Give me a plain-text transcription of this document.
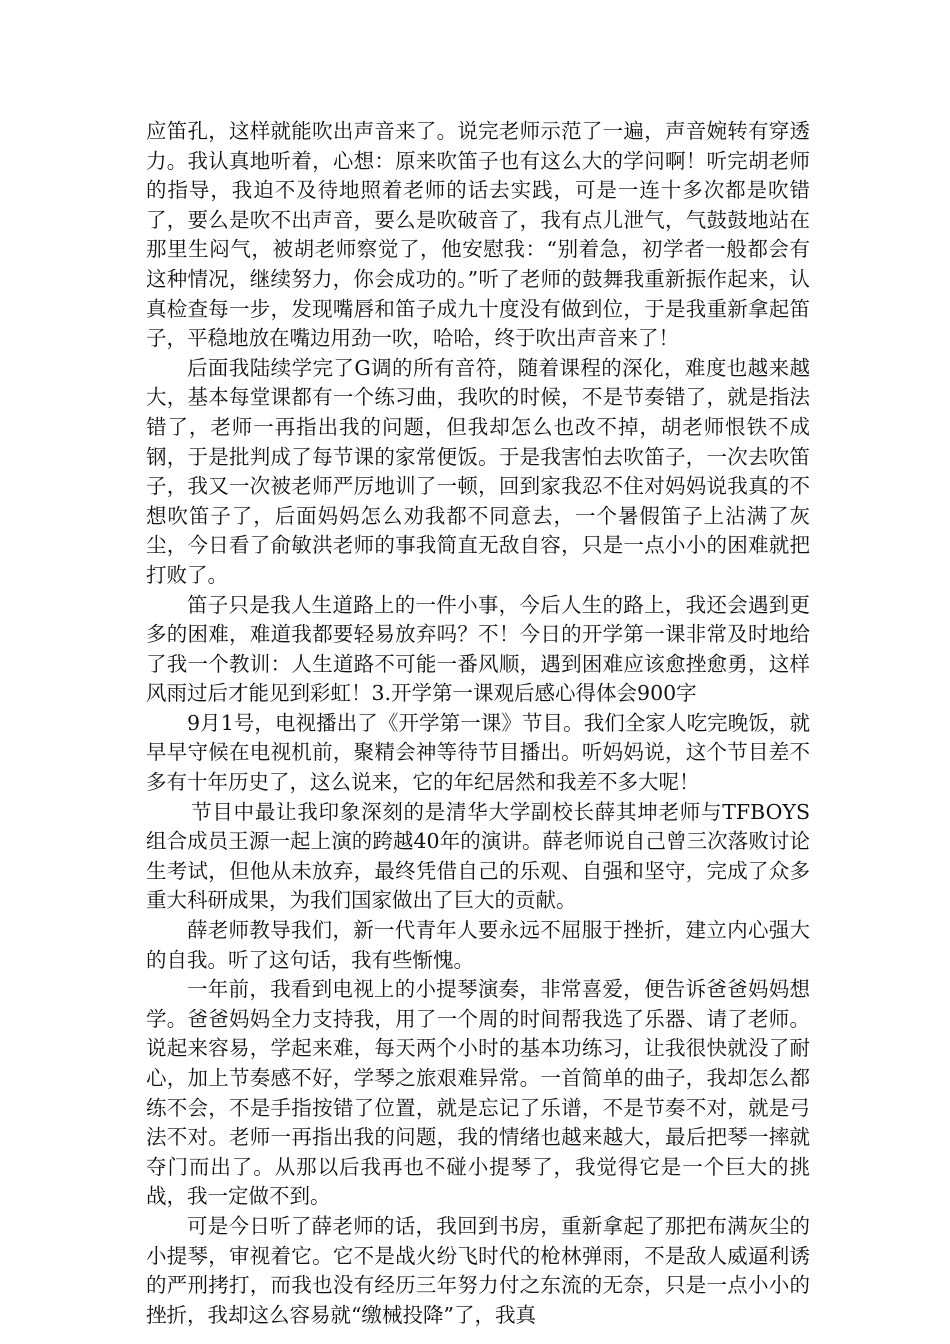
应笛孔，这样就能吹出声音来了。说完老师示范了一遍，声音婉转有穿透力。我认真地听着，心想：原来吹笛子也有这么大的学问啊！听完胡老师的指导，我迫不及待地照着老师的话去实践，可是一连十多次都是吹错了，要么是吹不出声音，要么是吹破音了，我有点儿泄气，气鼓鼓地站在那里生闷气，被胡老师察觉了，他安慰我：“别着急，初学者一般都会有这种情况，继续努力，你会成功的。”听了老师的鼓舞我重新振作起来，认真检查每一步，发现嘴唇和笛子成九十度没有做到位，于是我重新拿起笛子，平稳地放在嘴边用劲一吹，哈哈，终于吹出声音来了！

后面我陆续学完了G调的所有音符，随着课程的深化，难度也越来越大，基本每堂课都有一个练习曲，我吹的时候，不是节奏错了，就是指法错了，老师一再指出我的问题，但我却怎么也改不掉，胡老师恨铁不成钢，于是批判成了每节课的家常便饭。于是我害怕去吹笛子，一次去吹笛子，我又一次被老师严厉地训了一顿，回到家我忍不住对妈妈说我真的不想吹笛子了，后面妈妈怎么劝我都不同意去，一个暑假笛子上沾满了灰尘，今日看了俞敏洪老师的事我简直无敌自容，只是一点小小的困难就把打败了。

笛子只是我人生道路上的一件小事，今后人生的路上，我还会遇到更多的困难，难道我都要轻易放弃吗？不！今日的开学第一课非常及时地给了我一个教训：人生道路不可能一番风顺，遇到困难应该愈挫愈勇，这样风雨过后才能见到彩虹！3.开学第一课观后感心得体会900字

9月1号，电视播出了《开学第一课》节目。我们全家人吃完晚饭，就早早守候在电视机前，聚精会神等待节目播出。听妈妈说，这个节目差不多有十年历史了，这么说来，它的年纪居然和我差不多大呢！

节目中最让我印象深刻的是清华大学副校长薛其坤老师与TFBOYS组合成员王源一起上演的跨越40年的演讲。薛老师说自己曾三次落败讨论生考试，但他从未放弃，最终凭借自己的乐观、自强和坚守，完成了众多重大科研成果，为我们国家做出了巨大的贡献。

薛老师教导我们，新一代青年人要永远不屈服于挫折，建立内心强大的自我。听了这句话，我有些惭愧。

一年前，我看到电视上的小提琴演奏，非常喜爱，便告诉爸爸妈妈想学。爸爸妈妈全力支持我，用了一个周的时间帮我选了乐器、请了老师。说起来容易，学起来难，每天两个小时的基本功练习，让我很快就没了耐心，加上节奏感不好，学琴之旅艰难异常。一首简单的曲子，我却怎么都练不会，不是手指按错了位置，就是忘记了乐谱，不是节奏不对，就是弓法不对。老师一再指出我的问题，我的情绪也越来越大，最后把琴一摔就夺门而出了。从那以后我再也不碰小提琴了，我觉得它是一个巨大的挑战，我一定做不到。

可是今日听了薛老师的话，我回到书房，重新拿起了那把布满灰尘的小提琴，审视着它。它不是战火纷飞时代的枪林弹雨，不是敌人威逼利诱的严刑拷打，而我也没有经历三年努力付之东流的无奈，只是一点小小的挫折，我却这么容易就“缴械投降”了，我真
